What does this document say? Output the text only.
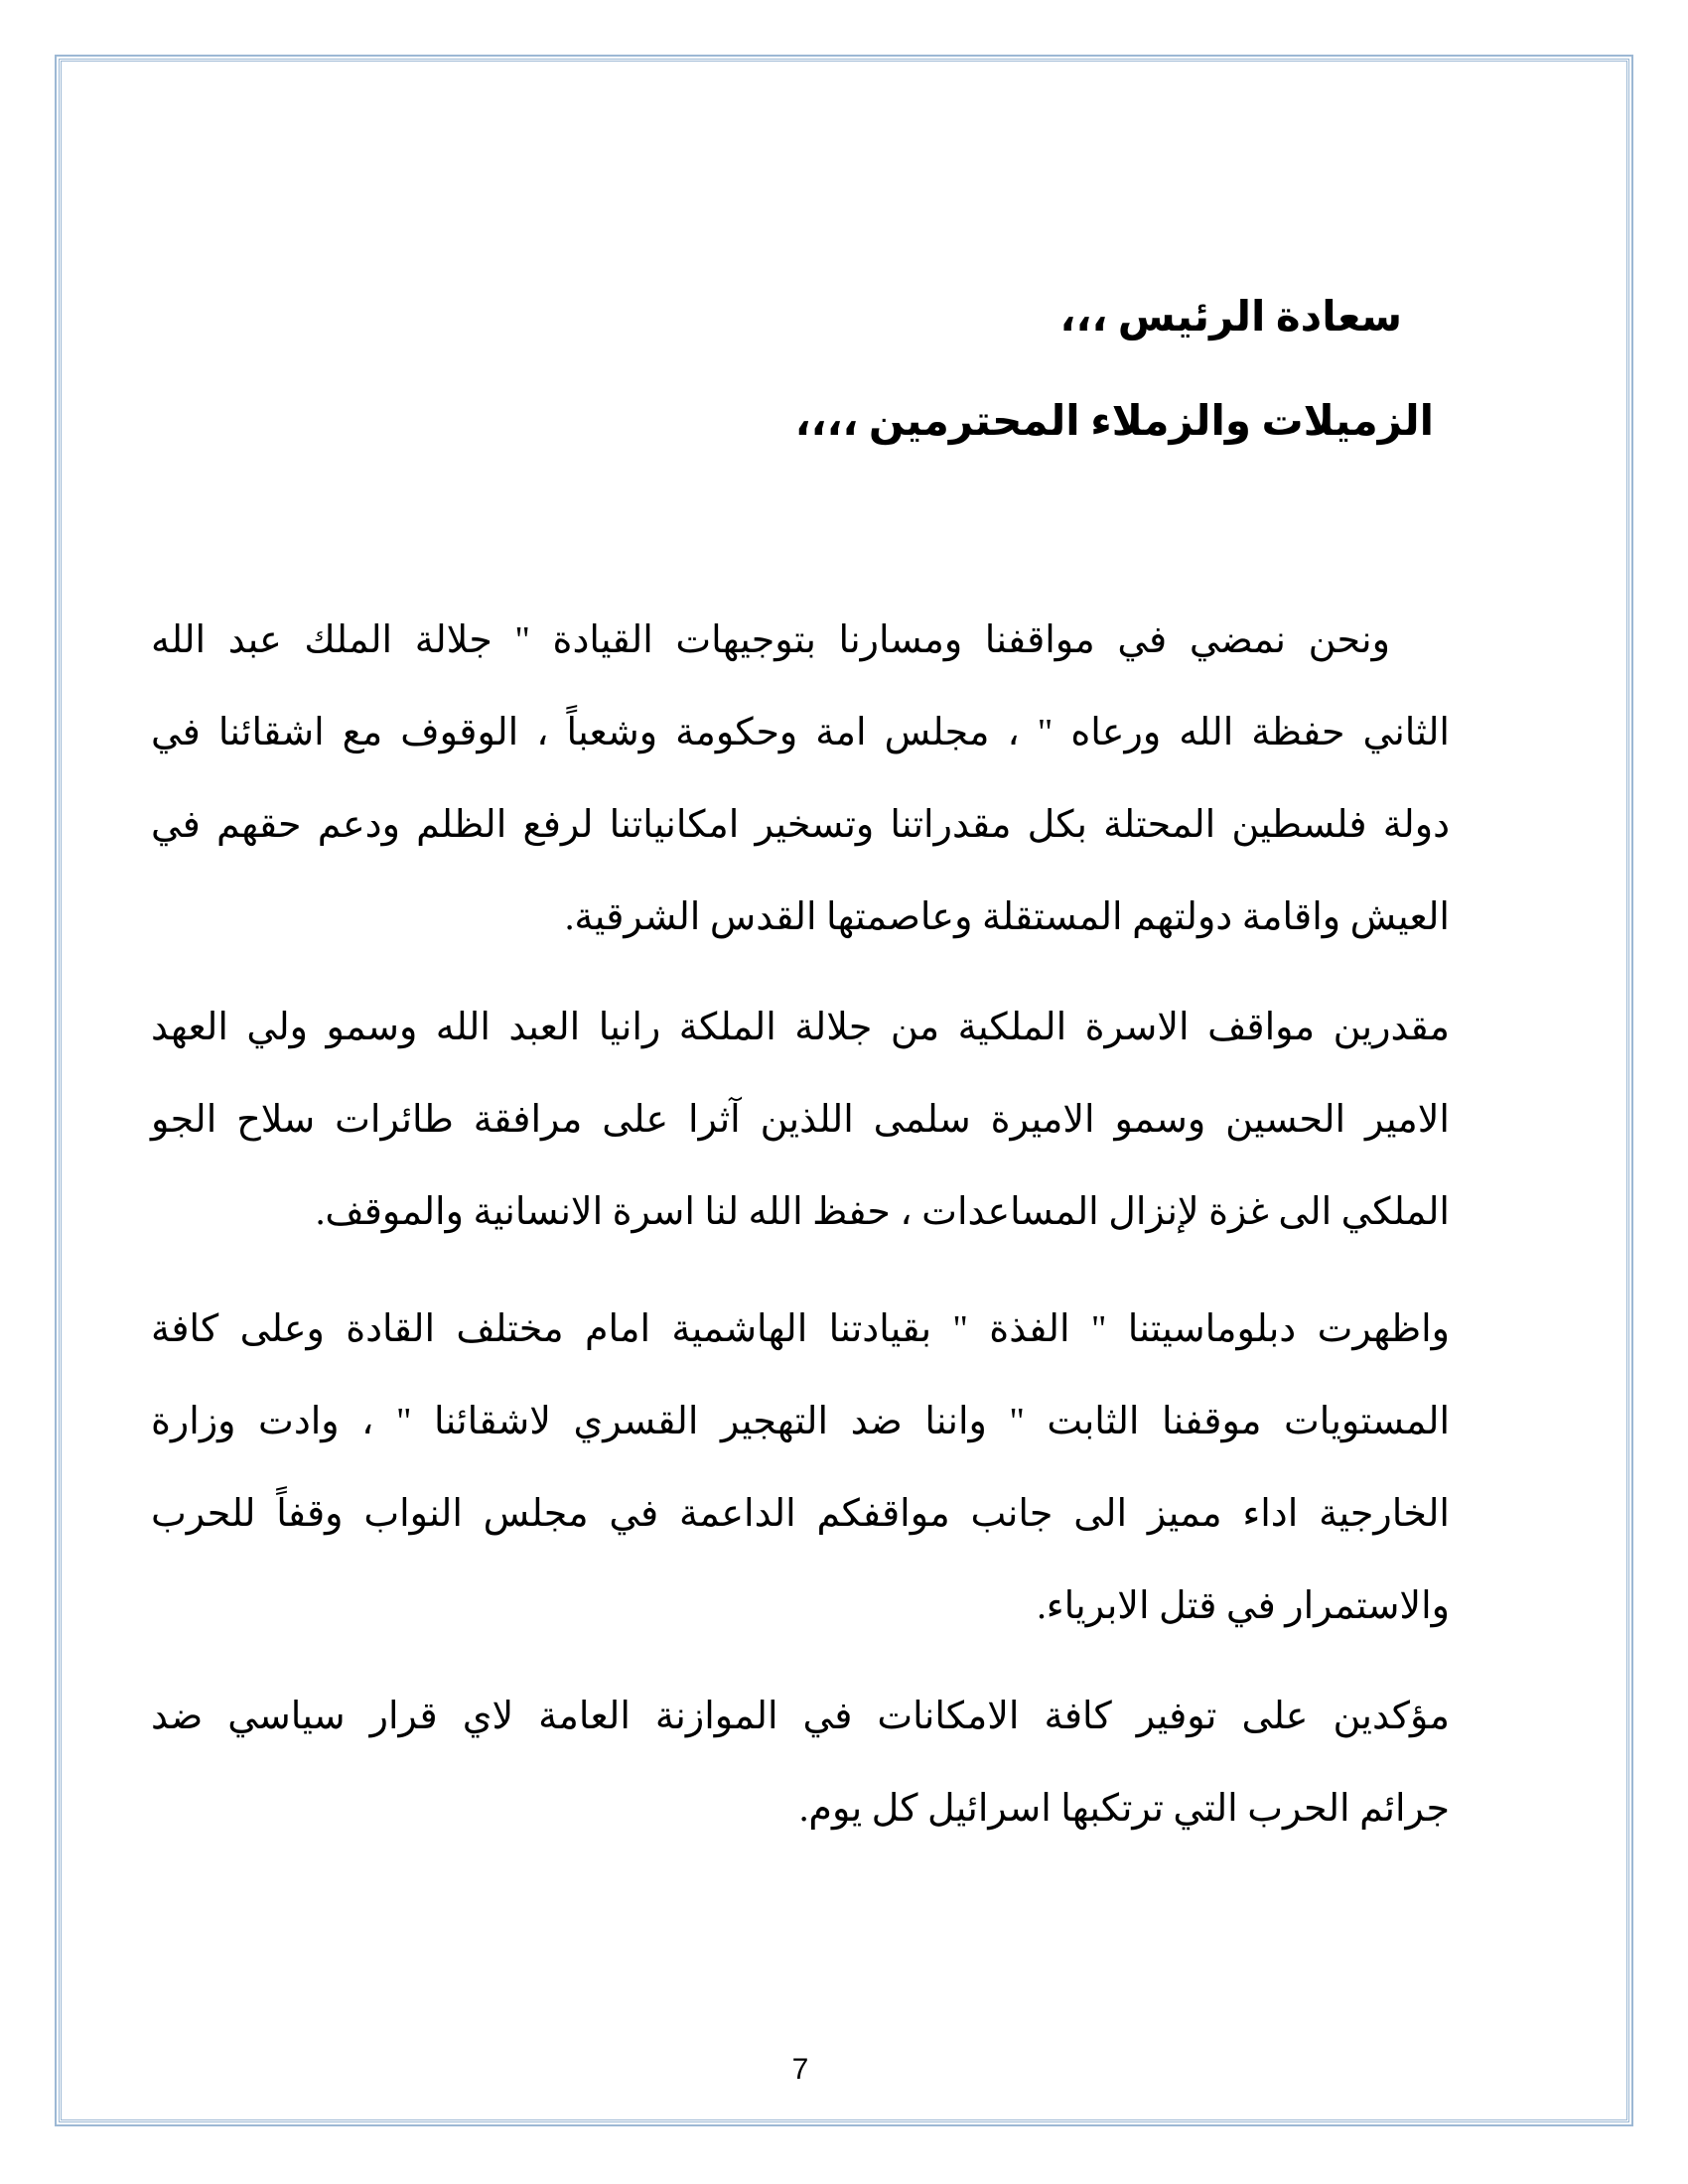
سعادة الرئيس ،،،

الزميلات والزملاء المحترمين ،،،،

ونحن نمضي في مواقفنا ومسارنا بتوجيهات القيادة " جلالة الملك عبد الله
الثاني حفظة الله ورعاه " ، مجلس امة وحكومة وشعباً ، الوقوف مع اشقائنا في
دولة فلسطين المحتلة بكل مقدراتنا وتسخير امكانياتنا لرفع الظلم ودعم حقهم في
العيش واقامة دولتهم المستقلة وعاصمتها القدس الشرقية.
مقدرين مواقف الاسرة الملكية من جلالة الملكة رانيا العبد الله وسمو ولي العهد
الامير الحسين وسمو الاميرة سلمى اللذين آثرا على مرافقة طائرات سلاح الجو
الملكي الى غزة لإنزال المساعدات ، حفظ الله لنا اسرة الانسانية والموقف.
واظهرت دبلوماسيتنا " الفذة " بقيادتنا الهاشمية امام مختلف القادة وعلى كافة
المستويات موقفنا الثابت " واننا ضد التهجير القسري لاشقائنا " ، وادت وزارة
الخارجية اداء مميز الى جانب مواقفكم الداعمة في مجلس النواب وقفاً للحرب
والاستمرار في قتل الابرياء.
مؤكدين على توفير كافة الامكانات في الموازنة العامة لاي قرار سياسي ضد
جرائم الحرب التي ترتكبها اسرائيل كل يوم.
7
